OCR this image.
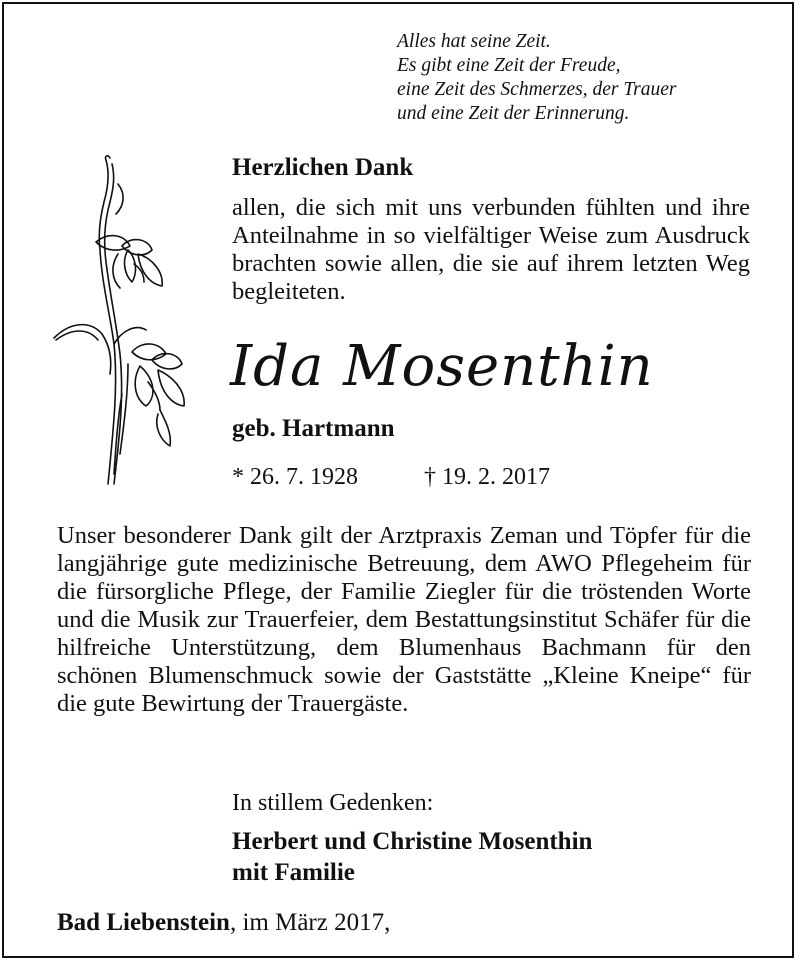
Alles hat seine Zeit.
Es gibt eine Zeit der Freude,
eine Zeit des Schmerzes, der Trauer
und eine Zeit der Erinnerung.
Herzlichen Dank
allen, die sich mit uns verbunden fühlten und ihre Anteilnahme in so vielfältiger Weise zum Ausdruck brachten sowie allen, die sie auf ihrem letzten Weg begleiteten.
Ida Mosenthin
geb. Hartmann
* 26. 7. 1928	† 19. 2. 2017
Unser besonderer Dank gilt der Arztpraxis Zeman und Töpfer für die langjährige gute medizinische Betreuung, dem AWO Pflegeheim für die fürsorgliche Pflege, der Familie Ziegler für die tröstenden Worte und die Musik zur Trauerfeier, dem Bestattungsinstitut Schäfer für die hilfreiche Unterstützung, dem Blumenhaus Bachmann für den schönen Blumenschmuck sowie der Gaststätte „Kleine Kneipe“ für die gute Bewirtung der Trauergäste.
In stillem Gedenken:
Herbert und Christine Mosenthin
mit Familie
Bad Liebenstein, im März 2017,
